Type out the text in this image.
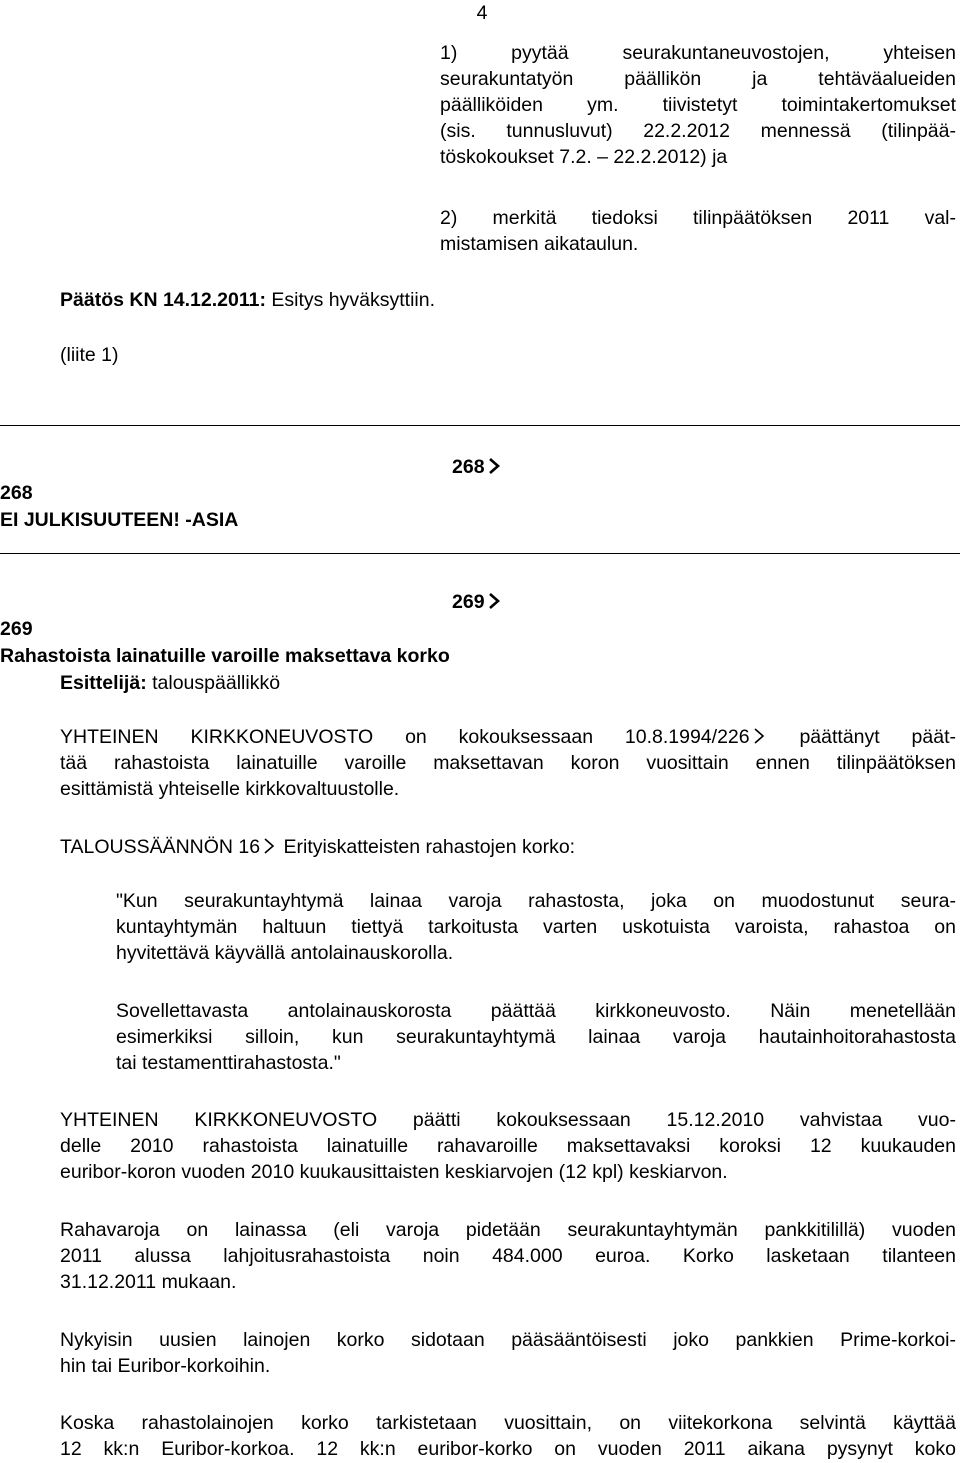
4
1) pyytää seurakuntaneuvostojen, yhteisen
seurakuntatyön päällikön ja tehtäväalueiden
päälliköiden ym. tiivistetyt toimintakertomukset
(sis. tunnusluvut) 22.2.2012 mennessä (tilinpää-
töskokoukset 7.2. – 22.2.2012) ja
2) merkitä tiedoksi tilinpäätöksen 2011 val-
mistamisen aikataulun.
Päätös KN 14.12.2011: Esitys hyväksyttiin.
(liite 1)
268
268
EI JULKISUUTEEN! -ASIA
269
269
Rahastoista lainatuille varoille maksettava korko
Esittelijä: talouspäällikkö
YHTEINEN KIRKKONEUVOSTO on kokouksessaan 10.8.1994/226
päättänyt päät-
tää rahastoista lainatuille varoille maksettavan koron vuosittain ennen tilinpäätöksen
esittämistä yhteiselle kirkkovaltuustolle.
TALOUSSÄÄNNÖN 16
Erityiskatteisten rahastojen korko:
"Kun seurakuntayhtymä lainaa varoja rahastosta, joka on muodostunut seura-
kuntayhtymän haltuun tiettyä tarkoitusta varten uskotuista varoista, rahastoa on
hyvitettävä käyvällä antolainauskorolla.
Sovellettavasta antolainauskorosta päättää kirkkoneuvosto. Näin menetellään
esimerkiksi silloin, kun seurakuntayhtymä lainaa varoja hautainhoitorahastosta
tai testamenttirahastosta."
YHTEINEN KIRKKONEUVOSTO päätti kokouksessaan 15.12.2010 vahvistaa vuo-
delle 2010 rahastoista lainatuille rahavaroille maksettavaksi koroksi 12 kuukauden
euribor-koron vuoden 2010 kuukausittaisten keskiarvojen (12 kpl) keskiarvon.
Rahavaroja on lainassa (eli varoja pidetään seurakuntayhtymän pankkitilillä) vuoden
2011 alussa lahjoitusrahastoista noin 484.000 euroa. Korko lasketaan tilanteen
31.12.2011 mukaan.
Nykyisin uusien lainojen korko sidotaan pääsääntöisesti joko pankkien Prime-korkoi-
hin tai Euribor-korkoihin.
Koska rahastolainojen korko tarkistetaan vuosittain, on viitekorkona selvintä käyttää
12 kk:n Euribor-korkoa. 12 kk:n euribor-korko on vuoden 2011 aikana pysynyt koko
